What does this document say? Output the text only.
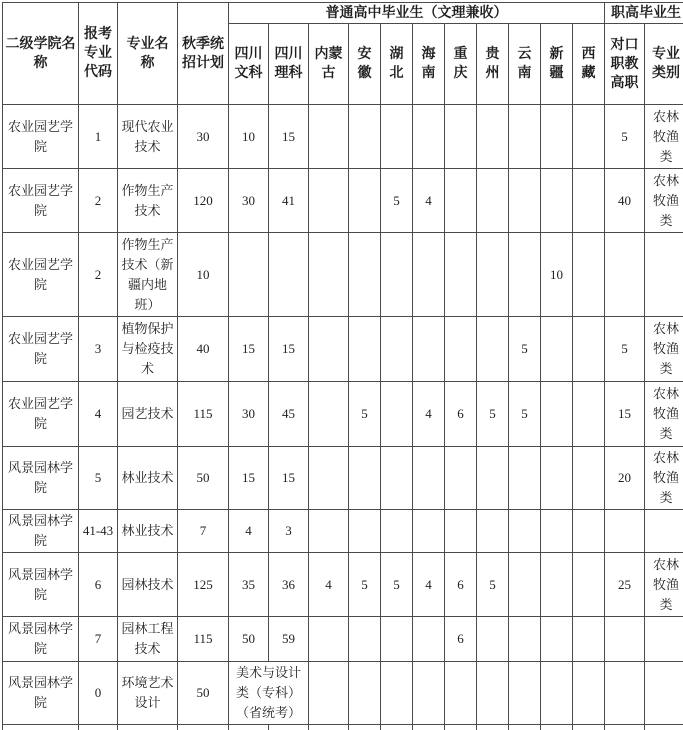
二级学院名称	报考专业代码	专业名称	秋季统招计划	普通高中毕业生（文理兼收）											职高毕业生	
				四川文科	四川理科	内蒙古	安徽	湖北	海南	重庆	贵州	云南	新疆	西藏	对口职教高职	专业类别
农业园艺学院	1	现代农业技术	30	10	15										5	农林牧渔类
农业园艺学院	2	作物生产技术	120	30	41			5	4						40	农林牧渔类
农业园艺学院	2	作物生产技术（新疆内地班）	10										10			
农业园艺学院	3	植物保护与检疫技术	40	15	15							5			5	农林牧渔类
农业园艺学院	4	园艺技术	115	30	45		5		4	6	5	5			15	农林牧渔类
风景园林学院	5	林业技术	50	15	15										20	农林牧渔类
风景园林学院	41-43	林业技术	7	4	3											
风景园林学院	6	园林技术	125	35	36	4	5	5	4	6	5				25	农林牧渔类
风景园林学院	7	园林工程技术	115	50	59					6						
风景园林学院	0	环境艺术设计	50	美术与设计类（专科）（省统考）												
